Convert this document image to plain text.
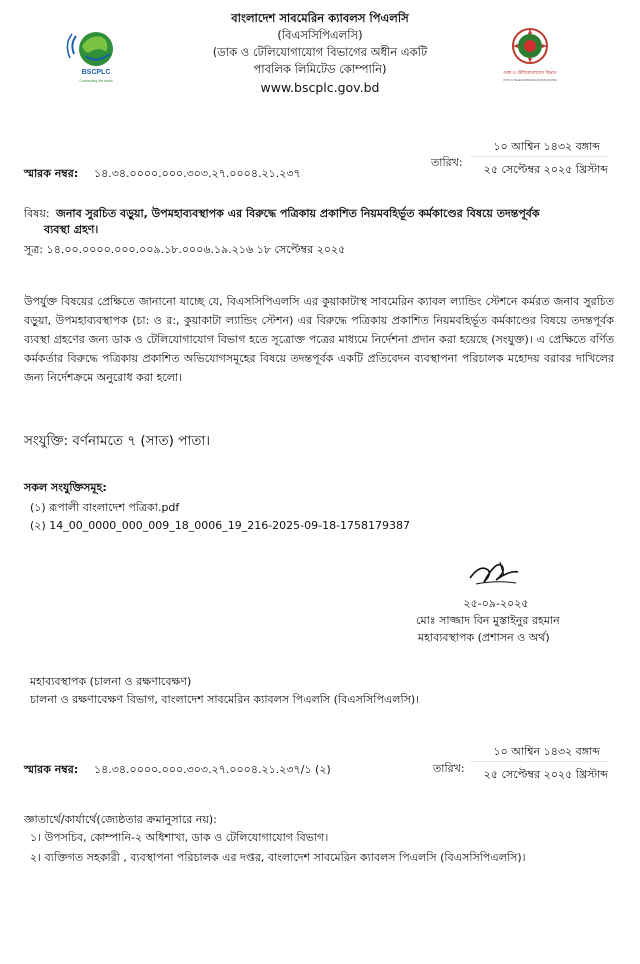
BSCPLC
Connecting the world
বাংলাদেশ সাবমেরিন ক্যাবলস পিএলসি
(বিএসসিপিএলসি)
(ডাক ও টেলিযোগাযোগ বিভাগের অধীন একটি
পাবলিক লিমিটেড কোম্পানি)
www.bscplc.gov.bd
ডাক ও টেলিযোগাযোগ বিভাগ
POSTS & TELECOMMUNICATIONS DIVISION
স্মারক নম্বর: ১৪.৩৪.০০০০.০০০.৩০৩.২৭.০০০৪.২১.২৩৭
তারিখ:
১০ আশ্বিন ১৪৩২ বঙ্গাব্দ
২৫ সেপ্টেম্বর ২০২৫ খ্রিস্টাব্দ
বিষয়: জনাব সুরচিত বড়ুয়া, উপমহাব্যবস্থাপক এর বিরুদ্ধে পত্রিকায় প্রকাশিত নিয়মবহির্ভূত কর্মকাণ্ডের বিষয়ে তদন্তপূর্বক
ব্যবস্থা গ্রহণ।
সূত্র: ১৪.০০.০০০০.০০০.০০৯.১৮.০০০৬.১৯.২১৬ ১৮ সেপ্টেম্বর ২০২৫
উপর্যুক্ত বিষয়ের প্রেক্ষিতে জানানো যাচ্ছে যে, বিএসসিপিএলসি এর কুয়াকাটাস্থ সাবমেরিন ক্যাবল ল্যান্ডিং স্টেশনে কর্মরত জনাব সুরচিত বড়ুয়া, উপমহাব্যবস্থাপক (চা: ও র:, কুয়াকাটা ল্যান্ডিং স্টেশন) এর বিরুদ্ধে পত্রিকায় প্রকাশিত নিয়মবহির্ভূত কর্মকাণ্ডের বিষয়ে তদন্তপূর্বক ব্যবস্থা গ্রহণের জন্য ডাক ও টেলিযোগাযোগ বিভাগ হতে সূত্রোক্ত পত্রের মাধ্যমে নির্দেশনা প্রদান করা হয়েছে (সংযুক্ত)। এ প্রেক্ষিতে বর্ণিত কর্মকর্তার বিরুদ্ধে পত্রিকায় প্রকাশিত অভিযোগসমূহের বিষয়ে তদন্তপূর্বক একটি প্রতিবেদন ব্যবস্থাপনা পরিচালক মহোদয় বরাবর দাখিলের জন্য নির্দেশক্রমে অনুরোধ করা হলো।
সংযুক্তি: বর্ণনামতে ৭ (সাত) পাতা।
সকল সংযুক্তিসমূহ:
(১) রূপালী বাংলাদেশ পত্রিকা.pdf
(২) 14_00_0000_000_009_18_0006_19_216-2025-09-18-1758179387
২৫-০৯-২০২৫
মোঃ সাজ্জাদ বিন মুস্তাইনুর রহমান
মহাব্যবস্থাপক (প্রশাসন ও অর্থ)
মহাব্যবস্থাপক (চালনা ও রক্ষণাবেক্ষণ)
চালনা ও রক্ষণাবেক্ষণ বিভাগ, বাংলাদেশ সাবমেরিন ক্যাবলস পিএলসি (বিএসসিপিএলসি)।
স্মারক নম্বর: ১৪.৩৪.০০০০.০০০.৩০৩.২৭.০০০৪.২১.২৩৭/১ (২)	তারিখ:
১০ আশ্বিন ১৪৩২ বঙ্গাব্দ
২৫ সেপ্টেম্বর ২০২৫ খ্রিস্টাব্দ
জ্ঞাতার্থে/কার্যার্থে(জ্যেষ্ঠতার ক্রমানুসারে নয়):
১। উপসচিব, কোম্পানি-২ অধিশাখা, ডাক ও টেলিযোগাযোগ বিভাগ।
২। ব্যক্তিগত সহকারী , ব্যবস্থাপনা পরিচালক এর দপ্তর, বাংলাদেশ সাবমেরিন ক্যাবলস পিএলসি (বিএসসিপিএলসি)।
